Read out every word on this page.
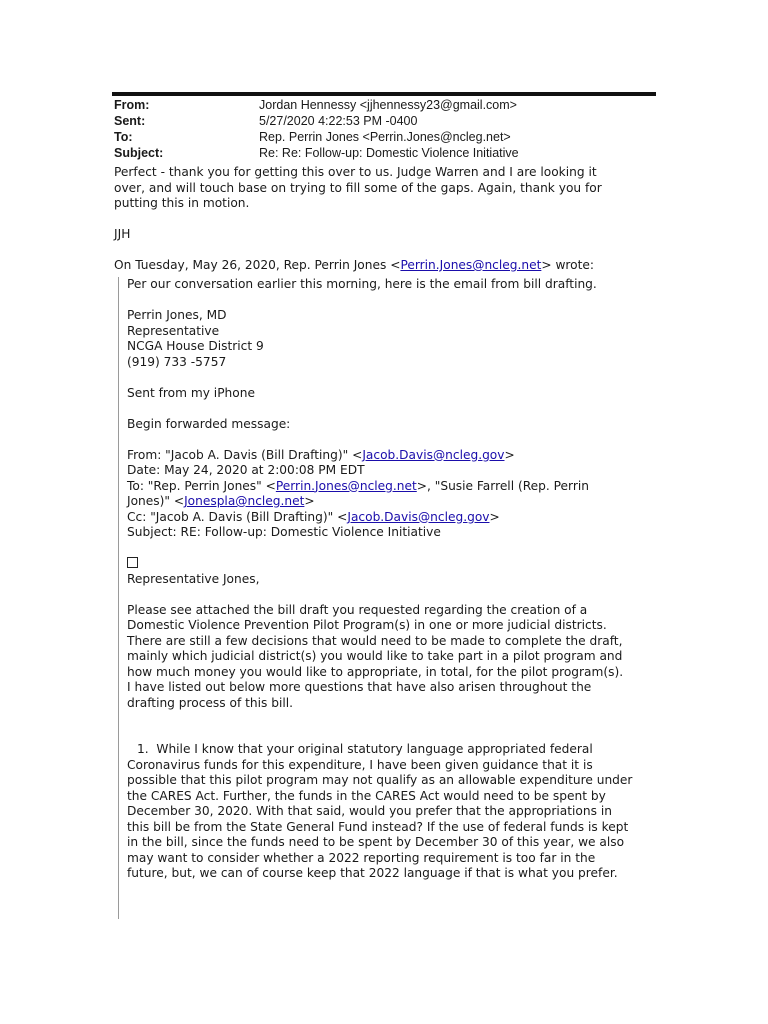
From:	Jordan Hennessy <jjhennessy23@gmail.com>
Sent:	5/27/2020 4:22:53 PM -0400
To:	Rep. Perrin Jones <Perrin.Jones@ncleg.net>
Subject:	Re: Re: Follow-up: Domestic Violence Initiative

Perfect - thank you for getting this over to us. Judge Warren and I are looking it

over, and will touch base on trying to fill some of the gaps. Again, thank you for

putting this in motion.

JJH

On Tuesday, May 26, 2020, Rep. Perrin Jones <Perrin.Jones@ncleg.net> wrote:

Per our conversation earlier this morning, here is the email from bill drafting.

Perrin Jones, MD

Representative

NCGA House District 9

(919) 733 -5757

Sent from my iPhone

Begin forwarded message:

From: "Jacob A. Davis (Bill Drafting)" <Jacob.Davis@ncleg.gov>

Date: May 24, 2020 at 2:00:08 PM EDT

To: "Rep. Perrin Jones" <Perrin.Jones@ncleg.net>, "Susie Farrell (Rep. Perrin

Jones)" <Jonespla@ncleg.net>

Cc: "Jacob A. Davis (Bill Drafting)" <Jacob.Davis@ncleg.gov>

Subject: RE: Follow-up: Domestic Violence Initiative

Representative Jones,

Please see attached the bill draft you requested regarding the creation of a

Domestic Violence Prevention Pilot Program(s) in one or more judicial districts.

There are still a few decisions that would need to be made to complete the draft,

mainly which judicial district(s) you would like to take part in a pilot program and

how much money you would like to appropriate, in total, for the pilot program(s).

I have listed out below more questions that have also arisen throughout the

drafting process of this bill.

1. While I know that your original statutory language appropriated federal

Coronavirus funds for this expenditure, I have been given guidance that it is

possible that this pilot program may not qualify as an allowable expenditure under

the CARES Act. Further, the funds in the CARES Act would need to be spent by

December 30, 2020. With that said, would you prefer that the appropriations in

this bill be from the State General Fund instead? If the use of federal funds is kept

in the bill, since the funds need to be spent by December 30 of this year, we also

may want to consider whether a 2022 reporting requirement is too far in the

future, but, we can of course keep that 2022 language if that is what you prefer.
